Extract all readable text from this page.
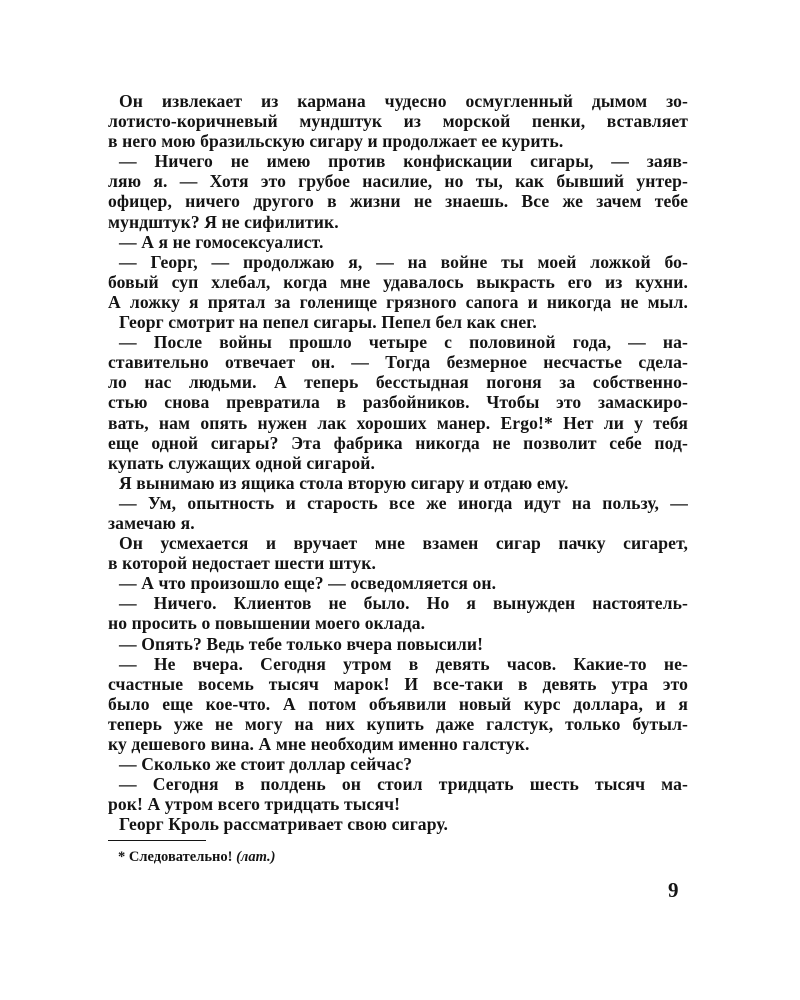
Он извлекает из кармана чудесно осмугленный дымом зо-
лотисто-коричневый мундштук из морской пенки, вставляет
в него мою бразильскую сигару и продолжает ее курить.
— Ничего не имею против конфискации сигары, — заяв-
ляю я. — Хотя это грубое насилие, но ты, как бывший унтер-
офицер, ничего другого в жизни не знаешь. Все же зачем тебе
мундштук? Я не сифилитик.
— А я не гомосексуалист.
— Георг, — продолжаю я, — на войне ты моей ложкой бо-
бовый суп хлебал, когда мне удавалось выкрасть его из кухни.
А ложку я прятал за голенище грязного сапога и никогда не мыл.
Георг смотрит на пепел сигары. Пепел бел как снег.
— После войны прошло четыре с половиной года, — на-
ставительно отвечает он. — Тогда безмерное несчастье сдела-
ло нас людьми. А теперь бесстыдная погоня за собственно-
стью снова превратила в разбойников. Чтобы это замаскиро-
вать, нам опять нужен лак хороших манер. Ergo!* Нет ли у тебя
еще одной сигары? Эта фабрика никогда не позволит себе под-
купать служащих одной сигарой.
Я вынимаю из ящика стола вторую сигару и отдаю ему.
— Ум, опытность и старость все же иногда идут на пользу, —
замечаю я.
Он усмехается и вручает мне взамен сигар пачку сигарет,
в которой недостает шести штук.
— А что произошло еще? — осведомляется он.
— Ничего. Клиентов не было. Но я вынужден настоятель-
но просить о повышении моего оклада.
— Опять? Ведь тебе только вчера повысили!
— Не вчера. Сегодня утром в девять часов. Какие-то не-
счастные восемь тысяч марок! И все-таки в девять утра это
было еще кое-что. А потом объявили новый курс доллара, и я
теперь уже не могу на них купить даже галстук, только бутыл-
ку дешевого вина. А мне необходим именно галстук.
— Сколько же стоит доллар сейчас?
— Сегодня в полдень он стоил тридцать шесть тысяч ма-
рок! А утром всего тридцать тысяч!
Георг Кроль рассматривает свою сигару.
* Следовательно! (лат.)
9
